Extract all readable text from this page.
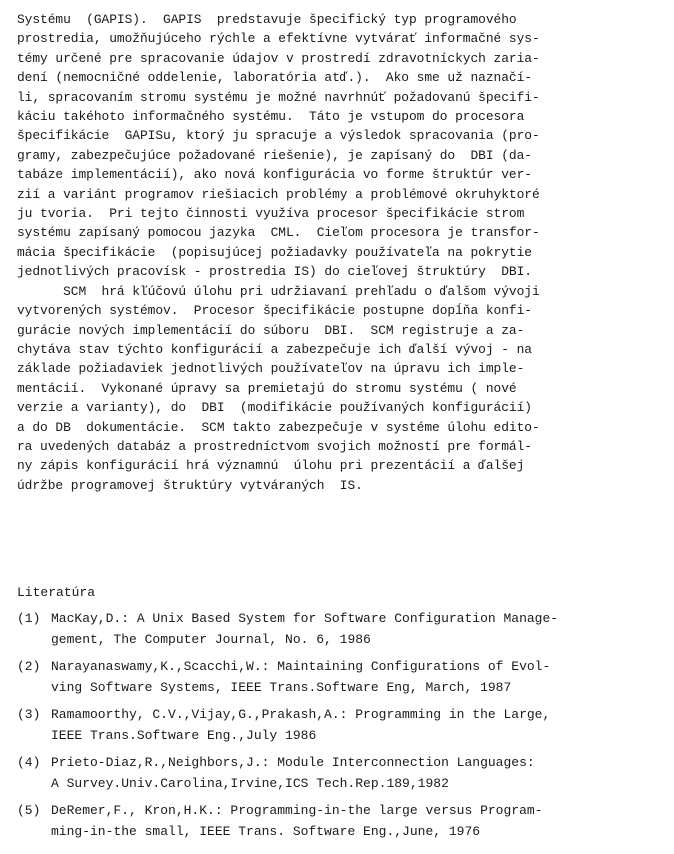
Systému  (GAPIS).  GAPIS  predstavuje špecifický typ programového
prostredia, umožňujúceho rýchle a efektívne vytvárať informačné sys-
témy určené pre spracovanie údajov v prostredí zdravotníckych zaria-
dení (nemocničné oddelenie, laboratória atď.).  Ako sme už naznačí-
li, spracovaním stromu systému je možné navrhnúť požadovanú špecifi-
káciu takéhoto informačného systému.  Táto je vstupom do procesora
špecifikácie  GAPISu, ktorý ju spracuje a výsledok spracovania (pro-
gramy, zabezpečujúce požadované riešenie), je zapísaný do  DBI (da-
tabáze implementácií), ako nová konfigurácia vo forme štruktúr ver-
zií a variánt programov riešiacich problémy a problémové okruhyktoré
ju tvoria.  Pri tejto činnosti využíva procesor špecifikácie strom
systému zapísaný pomocou jazyka  CML.  Cieľom procesora je transfor-
mácia špecifikácie  (popisujúcej požiadavky používateľa na pokrytie
jednotlivých pracovísk - prostredia IS) do cieľovej štruktúry  DBI.
SCM  hrá kľúčovú úlohu pri udržiavaní prehľadu o ďalšom vývoji
vytvorených systémov.  Procesor špecifikácie postupne dopĺňa konfi-
gurácie nových implementácií do súboru  DBI.  SCM registruje a za-
chytáva stav týchto konfigurácií a zabezpečuje ich ďalší vývoj - na
základe požiadaviek jednotlivých používateľov na úpravu ich imple-
mentácií.  Vykonané úpravy sa premietajú do stromu systému ( nové
verzie a varianty), do  DBI  (modifikácie používaných konfigurácií)
a do DB  dokumentácie.  SCM takto zabezpečuje v systéme úlohu edito-
ra uvedených databáz a prostredníctvom svojich možností pre formál-
ny zápis konfigurácií hrá významnú  úlohu pri prezentácií a ďalšej
údržbe programovej štruktúry vytváraných  IS.
Literatúra
(1) MacKay,D.: A Unix Based System for Software Configuration Manage-
gement, The Computer Journal, No. 6, 1986
(2) Narayanaswamy,K.,Scacchi,W.: Maintaining Configurations of Evol-
ving Software Systems, IEEE Trans.Software Eng, March, 1987
(3) Ramamoorthy, C.V.,Vijay,G.,Prakash,A.: Programming in the Large,
IEEE Trans.Software Eng.,July 1986
(4) Prieto-Diaz,R.,Neighbors,J.: Module Interconnection Languages:
A Survey.Univ.Carolina,Irvine,ICS Tech.Rep.189,1982
(5) DeRemer,F., Kron,H.K.: Programming-in-the large versus Program-
ming-in-the small, IEEE Trans. Software Eng.,June, 1976
